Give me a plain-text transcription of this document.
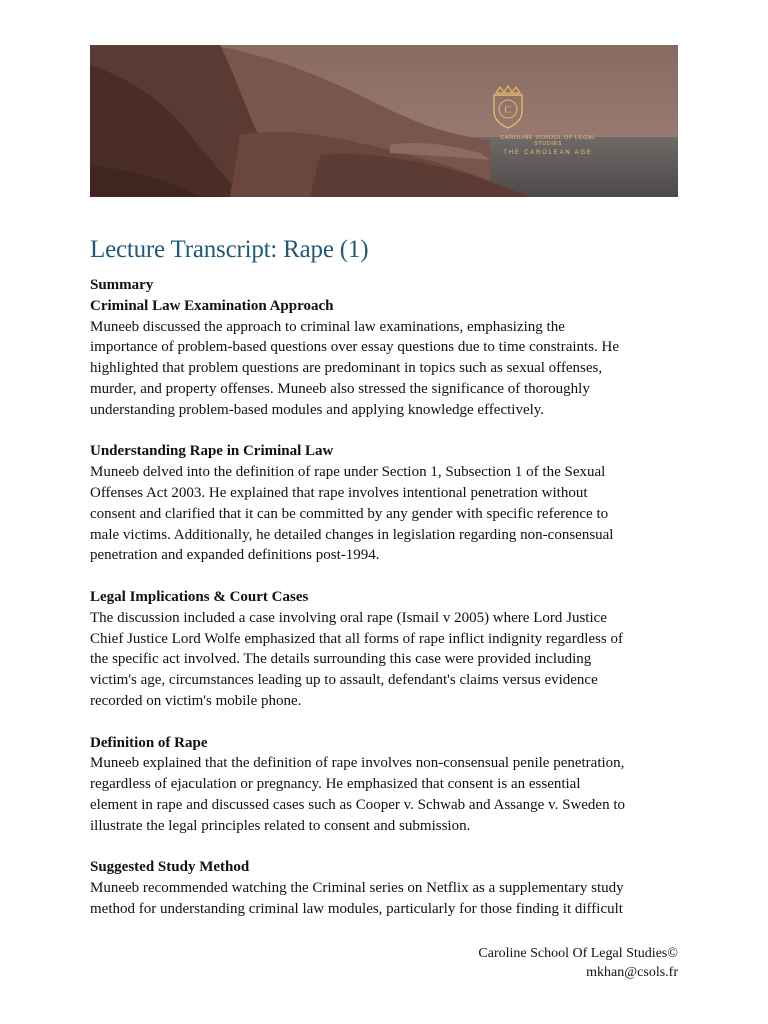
C
CAROLINE SCHOOL OF LEGAL STUDIES
THE CAROLEAN AGE
Lecture Transcript: Rape (1)

Summary

Criminal Law Examination Approach

Muneeb discussed the approach to criminal law examinations, emphasizing the

importance of problem-based questions over essay questions due to time constraints. He

highlighted that problem questions are predominant in topics such as sexual offenses,

murder, and property offenses. Muneeb also stressed the significance of thoroughly

understanding problem-based modules and applying knowledge effectively.

Understanding Rape in Criminal Law

Muneeb delved into the definition of rape under Section 1, Subsection 1 of the Sexual

Offenses Act 2003. He explained that rape involves intentional penetration without

consent and clarified that it can be committed by any gender with specific reference to

male victims. Additionally, he detailed changes in legislation regarding non-consensual

penetration and expanded definitions post-1994.

Legal Implications & Court Cases

The discussion included a case involving oral rape (Ismail v 2005) where Lord Justice

Chief Justice Lord Wolfe emphasized that all forms of rape inflict indignity regardless of

the specific act involved. The details surrounding this case were provided including

victim's age, circumstances leading up to assault, defendant's claims versus evidence

recorded on victim's mobile phone.

Definition of Rape

Muneeb explained that the definition of rape involves non-consensual penile penetration,

regardless of ejaculation or pregnancy. He emphasized that consent is an essential

element in rape and discussed cases such as Cooper v. Schwab and Assange v. Sweden to

illustrate the legal principles related to consent and submission.

Suggested Study Method

Muneeb recommended watching the Criminal series on Netflix as a supplementary study

method for understanding criminal law modules, particularly for those finding it difficult

Caroline School Of Legal Studies©
mkhan@csols.fr
